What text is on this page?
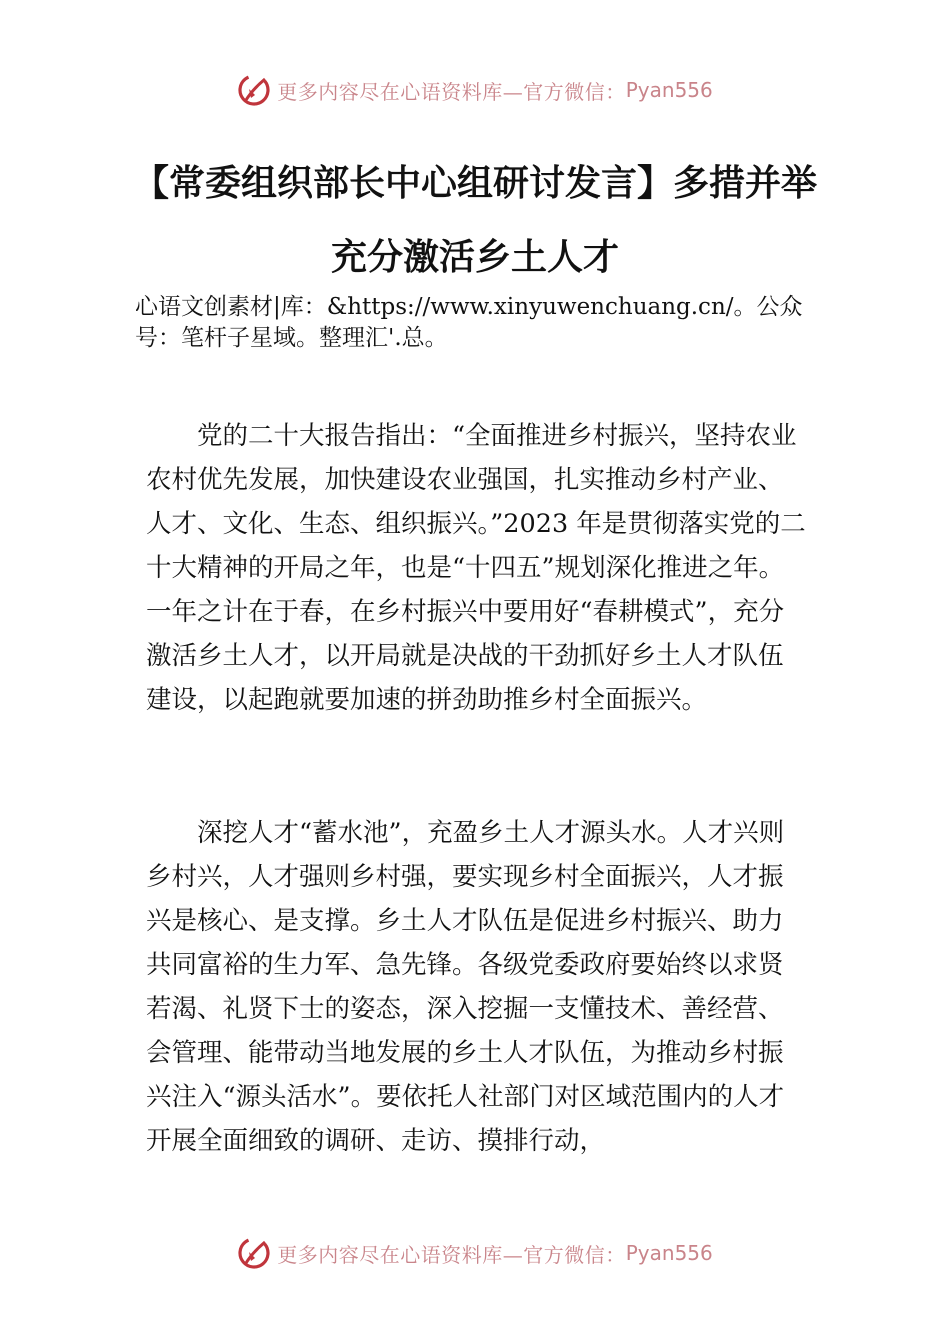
更多内容尽在心语资料库—官方微信： Pyan556
【常委组织部长中心组研讨发言】多措并举
充分激活乡土人才
心语文创素材|库：&https://www.xinyuwenchuang.cn/。公众号：笔杆子星域。整理汇'.总。

党的二十大报告指出：“全面推进乡村振兴，坚持农业农村优先发展，加快建设农业强国，扎实推动乡村产业、人才、文化、生态、组织振兴。”2023 年是贯彻落实党的二十大精神的开局之年，也是“十四五”规划深化推进之年。一年之计在于春，在乡村振兴中要用好“春耕模式”，充分激活乡土人才，以开局就是决战的干劲抓好乡土人才队伍建设，以起跑就要加速的拼劲助推乡村全面振兴。

深挖人才“蓄水池”，充盈乡土人才源头水。人才兴则乡村兴，人才强则乡村强，要实现乡村全面振兴，人才振兴是核心、是支撑。乡土人才队伍是促进乡村振兴、助力共同富裕的生力军、急先锋。各级党委政府要始终以求贤若渴、礼贤下士的姿态，深入挖掘一支懂技术、善经营、会管理、能带动当地发展的乡土人才队伍，为推动乡村振兴注入“源头活水”。要依托人社部门对区域范围内的人才开展全面细致的调研、走访、摸排行动，

更多内容尽在心语资料库—官方微信： Pyan556
